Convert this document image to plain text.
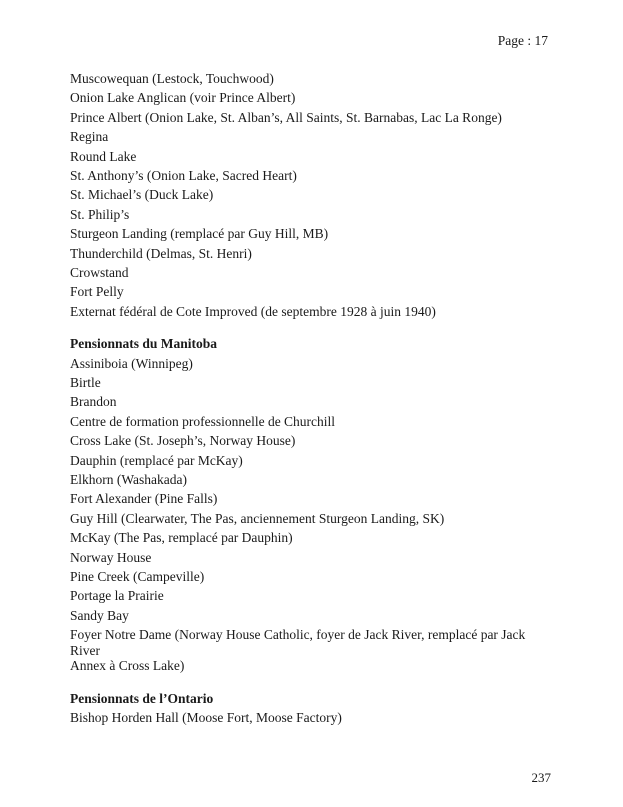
Page : 17

Muscowequan (Lestock, Touchwood)

Onion Lake Anglican (voir Prince Albert)

Prince Albert (Onion Lake, St. Alban’s, All Saints, St. Barnabas, Lac La Ronge)

Regina

Round Lake

St. Anthony’s (Onion Lake, Sacred Heart)

St. Michael’s (Duck Lake)

St. Philip’s

Sturgeon Landing (remplacé par Guy Hill, MB)

Thunderchild (Delmas, St. Henri)

Crowstand

Fort Pelly

Externat fédéral de Cote Improved (de septembre 1928 à juin 1940)

Pensionnats du Manitoba

Assiniboia (Winnipeg)

Birtle

Brandon

Centre de formation professionnelle de Churchill

Cross Lake (St. Joseph’s, Norway House)

Dauphin (remplacé par McKay)

Elkhorn (Washakada)

Fort Alexander (Pine Falls)

Guy Hill (Clearwater, The Pas, anciennement Sturgeon Landing, SK)

McKay (The Pas, remplacé par Dauphin)

Norway House

Pine Creek (Campeville)

Portage la Prairie

Sandy Bay

Foyer Notre Dame (Norway House Catholic, foyer de Jack River, remplacé par Jack River
Annex à Cross Lake)

Pensionnats de l’Ontario

Bishop Horden Hall (Moose Fort, Moose Factory)

237
